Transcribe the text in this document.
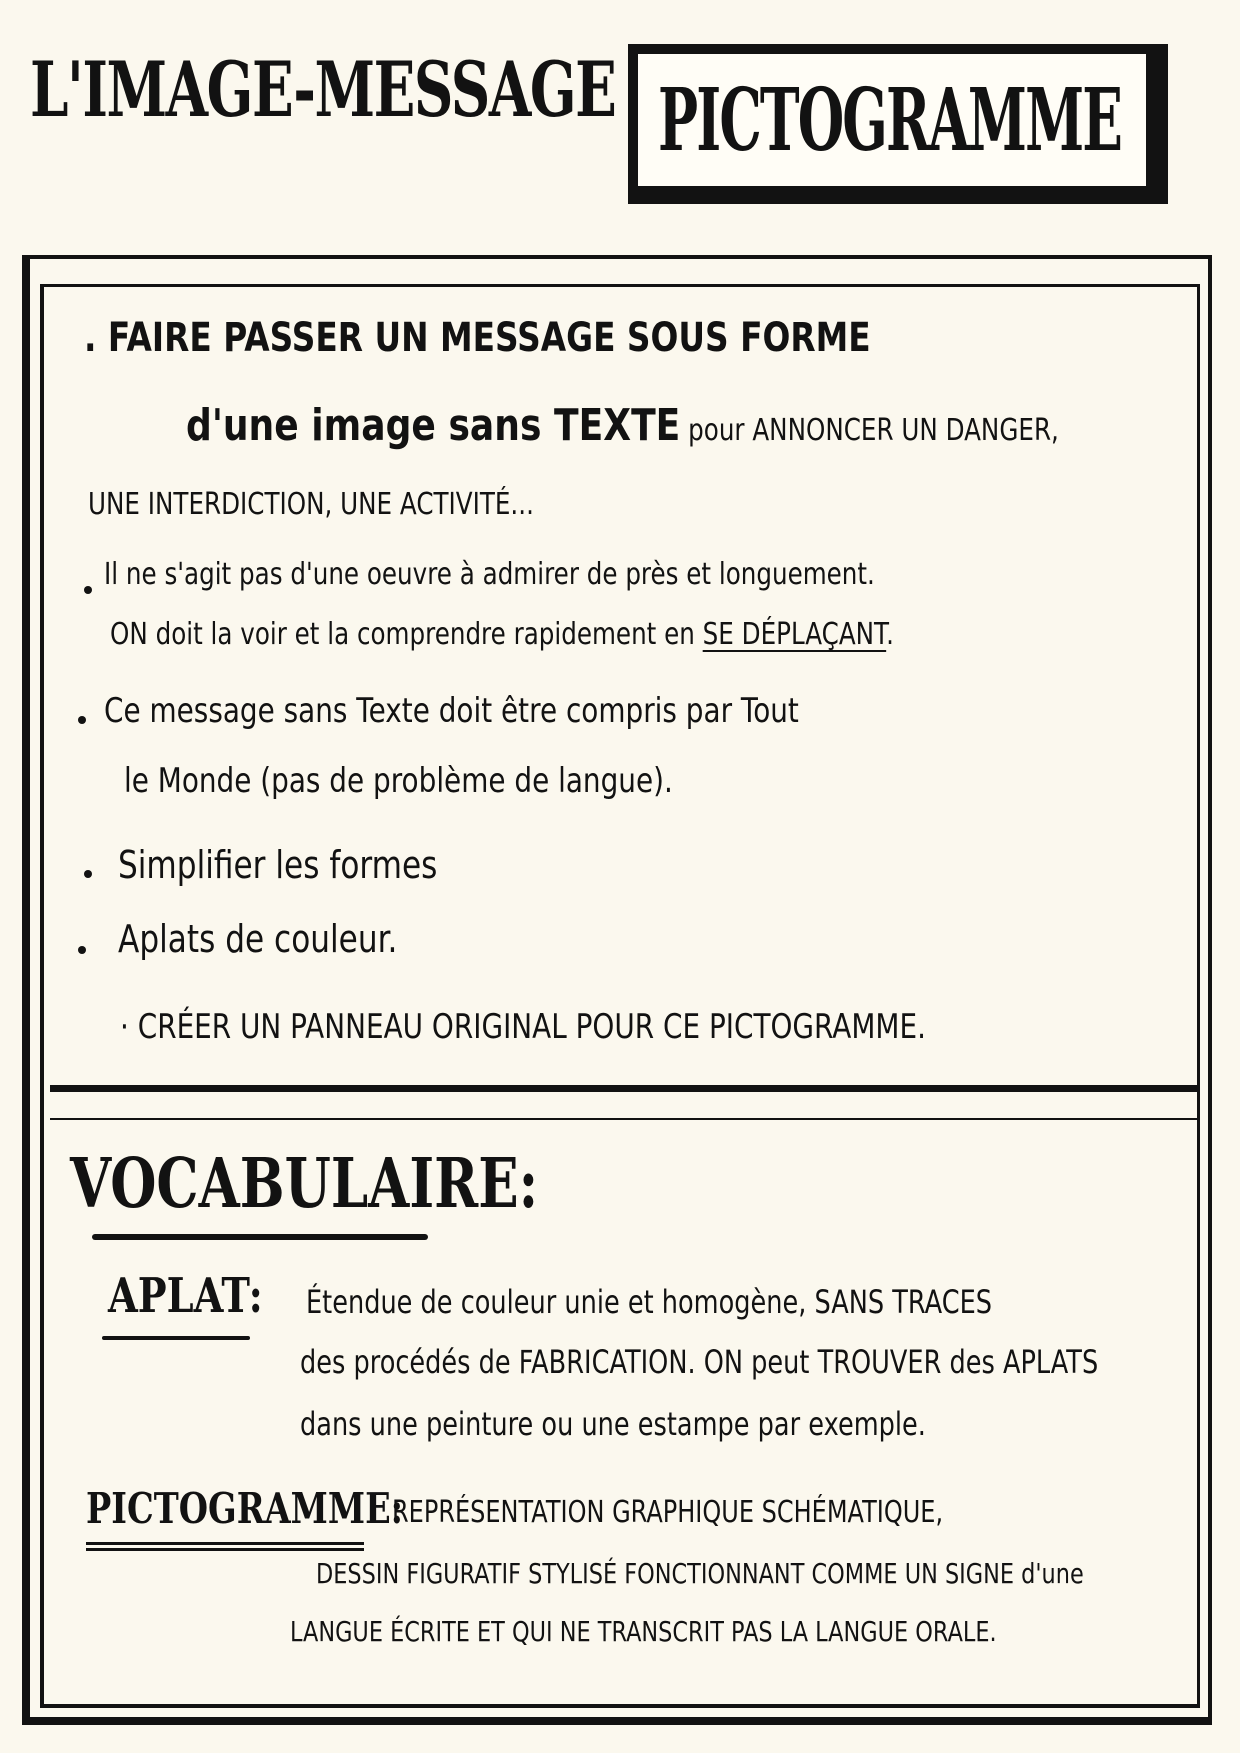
L'IMAGE-MESSAGE PICTOGRAMME
. FAIRE PASSER UN MESSAGE SOUS FORME
d'une image sans TEXTE pour ANNONCER UN DANGER,
UNE INTERDICTION, UNE ACTIVITÉ...
Il ne s'agit pas d'une oeuvre à admirer de près et longuement.
ON doit la voir et la comprendre rapidement en SE DÉPLAÇANT.
Ce message sans Texte doit être compris par Tout
le Monde (pas de problème de langue).
Simplifier les formes
Aplats de couleur.
· CRÉER UN PANNEAU ORIGINAL POUR CE PICTOGRAMME.
VOCABULAIRE:
APLAT: Étendue de couleur unie et homogène, SANS TRACES
des procédés de FABRICATION. ON peut TROUVER des APLATS
dans une peinture ou une estampe par exemple.
PICTOGRAMME:
REPRÉSENTATION GRAPHIQUE SCHÉMATIQUE,
DESSIN FIGURATIF STYLISÉ FONCTIONNANT COMME UN SIGNE d'une
LANGUE ÉCRITE ET QUI NE TRANSCRIT PAS LA LANGUE ORALE.
